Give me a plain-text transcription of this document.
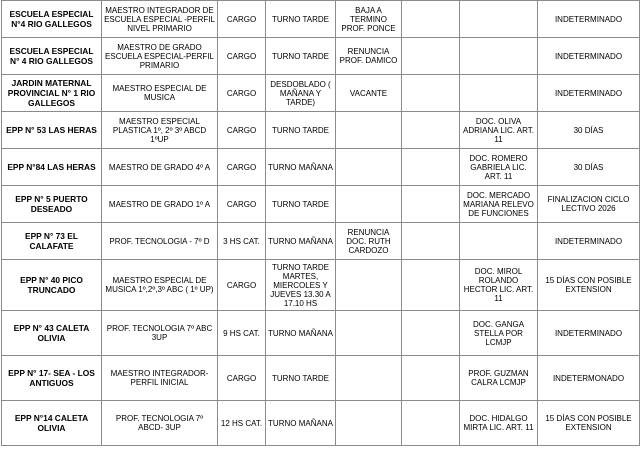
ESCUELA ESPECIAL N°4 RIO GALLEGOS	MAESTRO INTEGRADOR DE ESCUELA ESPECIAL -PERFIL NIVEL PRIMARIO	CARGO	TURNO TARDE	BAJA A TERMINO PROF. PONCE			INDETERMINADO
ESCUELA ESPECIAL N° 4 RIO GALLEGOS	MAESTRO DE GRADO ESCUELA ESPECIAL-PERFIL PRIMARIO	CARGO	TURNO TARDE	RENUNCIA PROF. DAMICO			INDETERMINADO
JARDIN MATERNAL PROVINCIAL N° 1 RIO GALLEGOS	MAESTRO ESPECIAL DE MUSICA	CARGO	DESDOBLADO ( MAÑANA Y TARDE)	VACANTE			INDETERMINADO
EPP N° 53 LAS HERAS	MAESTRO ESPECIAL PLASTICA 1º, 2º 3º ABCD 1ºUP	CARGO	TURNO TARDE			DOC. OLIVA ADRIANA LIC. ART. 11	30 DÍAS
EPP N°84 LAS HERAS	MAESTRO DE GRADO 4º A	CARGO	TURNO MAÑANA			DOC. ROMERO GABRIELA LIC. ART. 11	30 DÍAS
EPP N° 5 PUERTO DESEADO	MAESTRO DE GRADO 1º A	CARGO	TURNO TARDE			DOC. MERCADO MARIANA RELEVO DE FUNCIONES	FINALIZACION CICLO LECTIVO 2026
EPP N° 73 EL CALAFATE	PROF. TECNOLOGIA - 7º D	3 HS CAT.	TURNO MAÑANA	RENUNCIA DOC. RUTH CARDOZO			INDETERMINADO
EPP N° 40 PICO TRUNCADO	MAESTRO ESPECIAL DE MUSICA 1º,2º,3º ABC ( 1º UP)	CARGO	TURNO TARDE MARTES, MIERCOLES Y JUEVES 13.30 A 17.10 HS			DOC. MIROL ROLANDO HECTOR LIC. ART. 11	15 DÍAS CON POSIBLE EXTENSION
EPP N° 43 CALETA OLIVIA	PROF. TECNOLOGIA 7º ABC 3UP	9 HS CAT.	TURNO MAÑANA			DOC. GANGA STELLA POR LCMJP	INDETERMINADO
EPP N° 17- SEA - LOS ANTIGUOS	MAESTRO INTEGRADOR- PERFIL INICIAL	CARGO	TURNO TARDE			PROF. GUZMAN CALRA LCMJP	INDETERMONADO
EPP N°14 CALETA OLIVIA	PROF. TECNOLOGIA 7º ABCD- 3UP	12 HS CAT.	TURNO MAÑANA			DOC. HIDALGO MIRTA LIC. ART. 11	15 DÍAS CON POSIBLE EXTENSION
